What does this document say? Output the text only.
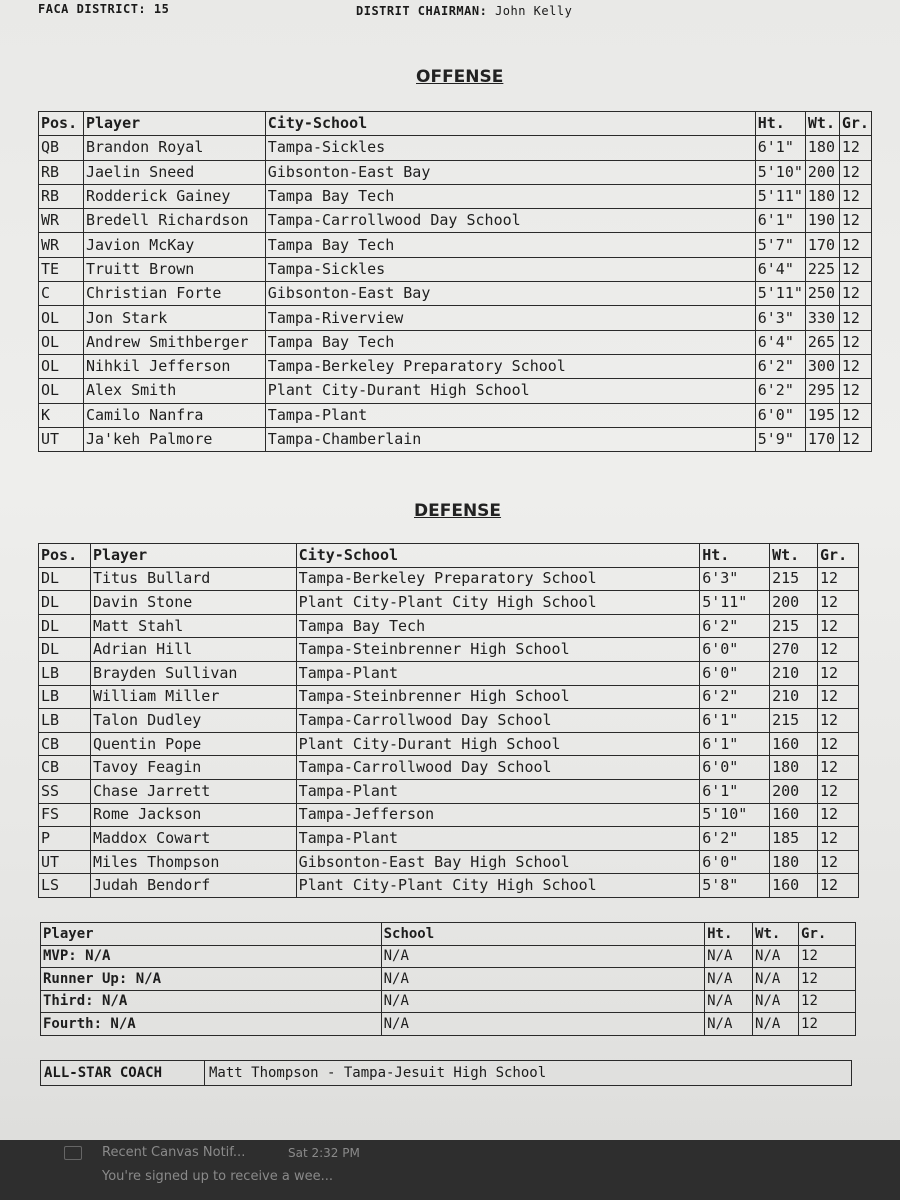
FACA DISTRICT: 15	DISTRIT CHAIRMAN: John Kelly
OFFENSE
Pos.	Player	City-School	Ht.	Wt.	Gr.
QB	Brandon Royal	Tampa-Sickles	6'1"	180	12
RB	Jaelin Sneed	Gibsonton-East Bay	5'10"	200	12
RB	Rodderick Gainey	Tampa Bay Tech	5'11"	180	12
WR	Bredell Richardson	Tampa-Carrollwood Day School	6'1"	190	12
WR	Javion McKay	Tampa Bay Tech	5'7"	170	12
TE	Truitt Brown	Tampa-Sickles	6'4"	225	12
C	Christian Forte	Gibsonton-East Bay	5'11"	250	12
OL	Jon Stark	Tampa-Riverview	6'3"	330	12
OL	Andrew Smithberger	Tampa Bay Tech	6'4"	265	12
OL	Nihkil Jefferson	Tampa-Berkeley Preparatory School	6'2"	300	12
OL	Alex Smith	Plant City-Durant High School	6'2"	295	12
K	Camilo Nanfra	Tampa-Plant	6'0"	195	12
UT	Ja'keh Palmore	Tampa-Chamberlain	5'9"	170	12
DEFENSE
Pos.	Player	City-School	Ht.	Wt.	Gr.
DL	Titus Bullard	Tampa-Berkeley Preparatory School	6'3"	215	12
DL	Davin Stone	Plant City-Plant City High School	5'11"	200	12
DL	Matt Stahl	Tampa Bay Tech	6'2"	215	12
DL	Adrian Hill	Tampa-Steinbrenner High School	6'0"	270	12
LB	Brayden Sullivan	Tampa-Plant	6'0"	210	12
LB	William Miller	Tampa-Steinbrenner High School	6'2"	210	12
LB	Talon Dudley	Tampa-Carrollwood Day School	6'1"	215	12
CB	Quentin Pope	Plant City-Durant High School	6'1"	160	12
CB	Tavoy Feagin	Tampa-Carrollwood Day School	6'0"	180	12
SS	Chase Jarrett	Tampa-Plant	6'1"	200	12
FS	Rome Jackson	Tampa-Jefferson	5'10"	160	12
P	Maddox Cowart	Tampa-Plant	6'2"	185	12
UT	Miles Thompson	Gibsonton-East Bay High School	6'0"	180	12
LS	Judah Bendorf	Plant City-Plant City High School	5'8"	160	12
Player	School	Ht.	Wt.	Gr.
MVP: N/A	N/A	N/A	N/A	12
Runner Up: N/A	N/A	N/A	N/A	12
Third: N/A	N/A	N/A	N/A	12
Fourth: N/A	N/A	N/A	N/A	12
ALL-STAR COACH	Matt Thompson - Tampa-Jesuit High School
Recent Canvas Notif...	Sat 2:32 PM
You're signed up to receive a wee...
